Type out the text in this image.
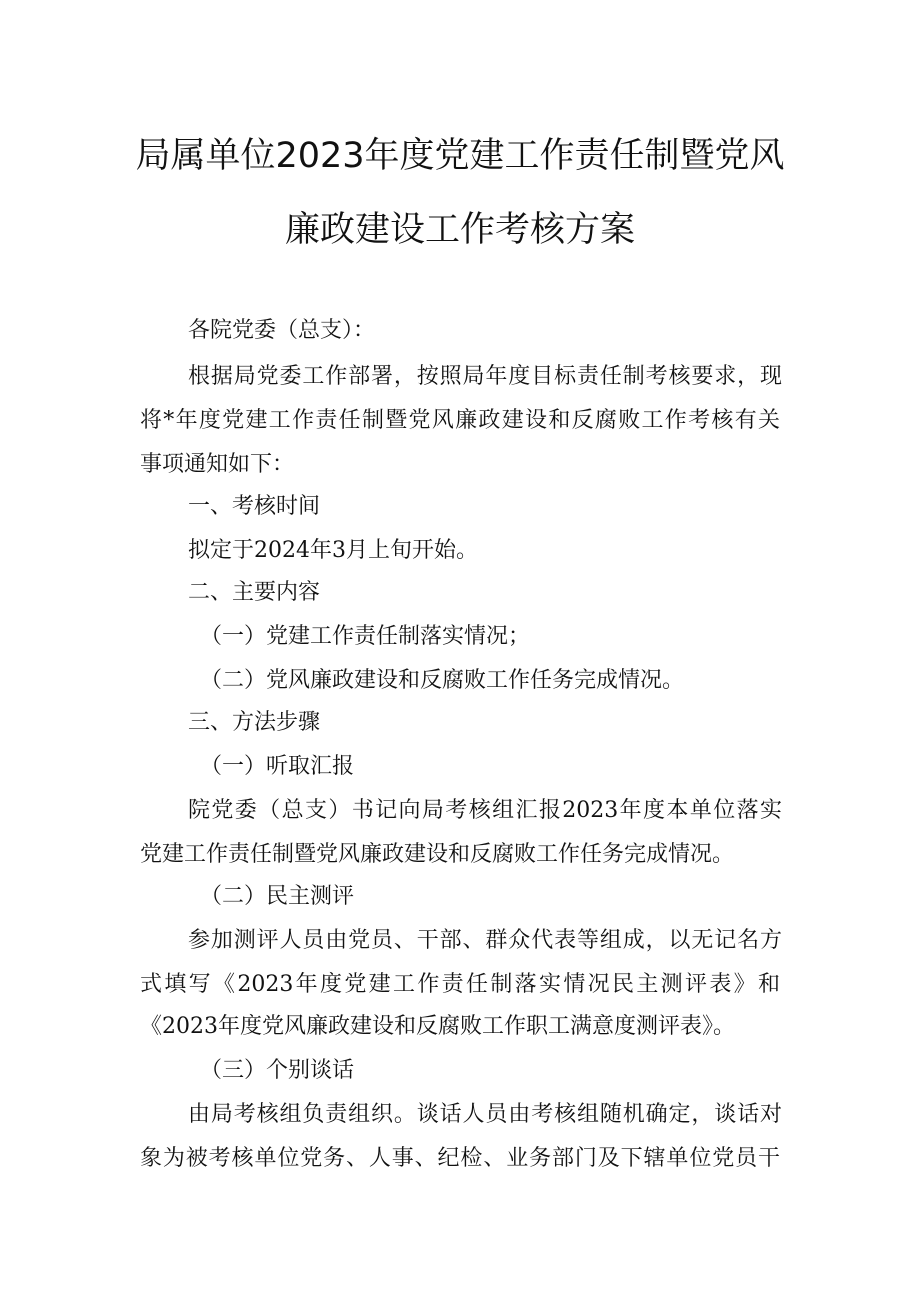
局属单位2023年度党建工作责任制暨党风
廉政建设工作考核方案
各院党委（总支）：
根据局党委工作部署，按照局年度目标责任制考核要求，现
将*年度党建工作责任制暨党风廉政建设和反腐败工作考核有关
事项通知如下：
一、考核时间
拟定于2024年3月上旬开始。
二、主要内容
（一）党建工作责任制落实情况；
（二）党风廉政建设和反腐败工作任务完成情况。
三、方法步骤
（一）听取汇报
院党委（总支）书记向局考核组汇报2023年度本单位落实
党建工作责任制暨党风廉政建设和反腐败工作任务完成情况。
（二）民主测评
参加测评人员由党员、干部、群众代表等组成，以无记名方
式填写《2023年度党建工作责任制落实情况民主测评表》和
《2023年度党风廉政建设和反腐败工作职工满意度测评表》。
（三）个别谈话
由局考核组负责组织。谈话人员由考核组随机确定，谈话对
象为被考核单位党务、人事、纪检、业务部门及下辖单位党员干
